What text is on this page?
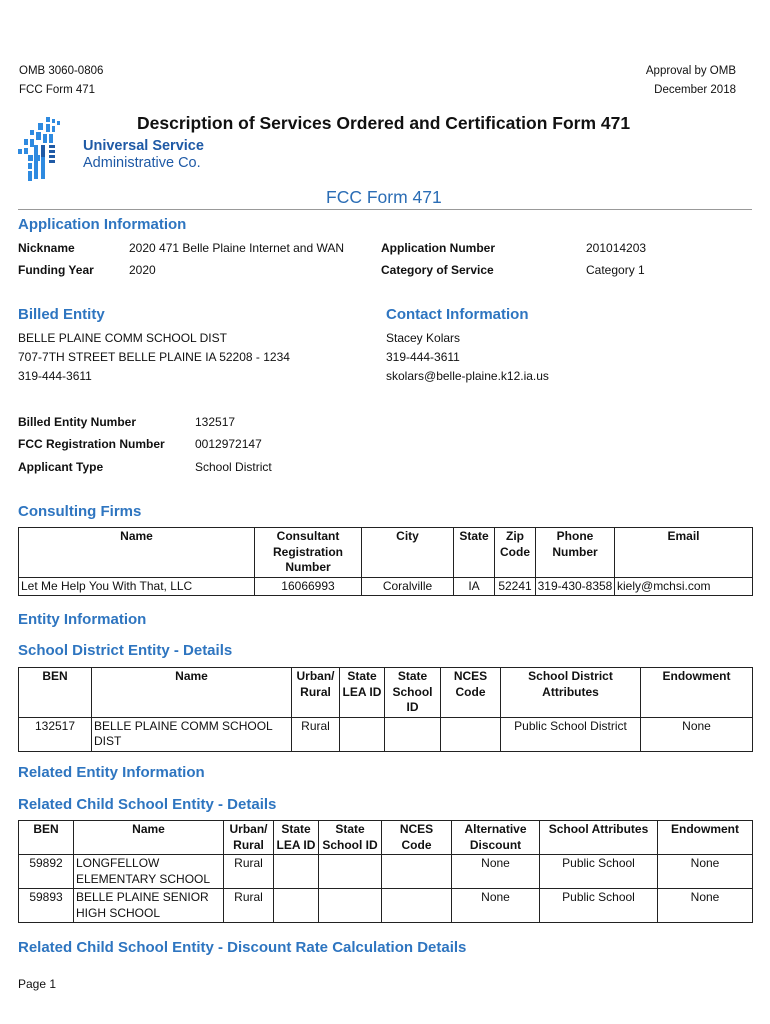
OMB 3060-0806
FCC Form 471
Approval by OMB
December 2018
Description of Services Ordered and Certification Form 471
Universal Service
Administrative Co.
FCC Form 471
Application Information
Nickname	2020 471 Belle Plaine Internet and WAN	Application Number	201014203
Funding Year	2020	Category of Service	Category 1
Billed Entity
BELLE PLAINE COMM SCHOOL DIST
707-7TH STREET BELLE PLAINE IA 52208 - 1234
319-444-3611
Contact Information
Stacey Kolars
319-444-3611
skolars@belle-plaine.k12.ia.us
Billed Entity Number	132517
FCC Registration Number	0012972147
Applicant Type	School District
Consulting Firms
Name	Consultant Registration Number	City	State	Zip Code	Phone Number	Email
Let Me Help You With That, LLC	16066993	Coralville	IA	52241	319-430-8358	kiely@mchsi.com
Entity Information
School District Entity - Details
BEN	Name	Urban/ Rural	State LEA ID	State School ID	NCES Code	School District Attributes	Endowment
132517	BELLE PLAINE COMM SCHOOL DIST	Rural				Public School District	None
Related Entity Information
Related Child School Entity - Details
BEN	Name	Urban/ Rural	State LEA ID	State School ID	NCES Code	Alternative Discount	School Attributes	Endowment
59892	LONGFELLOW ELEMENTARY SCHOOL	Rural				None	Public School	None
59893	BELLE PLAINE SENIOR HIGH SCHOOL	Rural				None	Public School	None
Related Child School Entity - Discount Rate Calculation Details
Page 1
